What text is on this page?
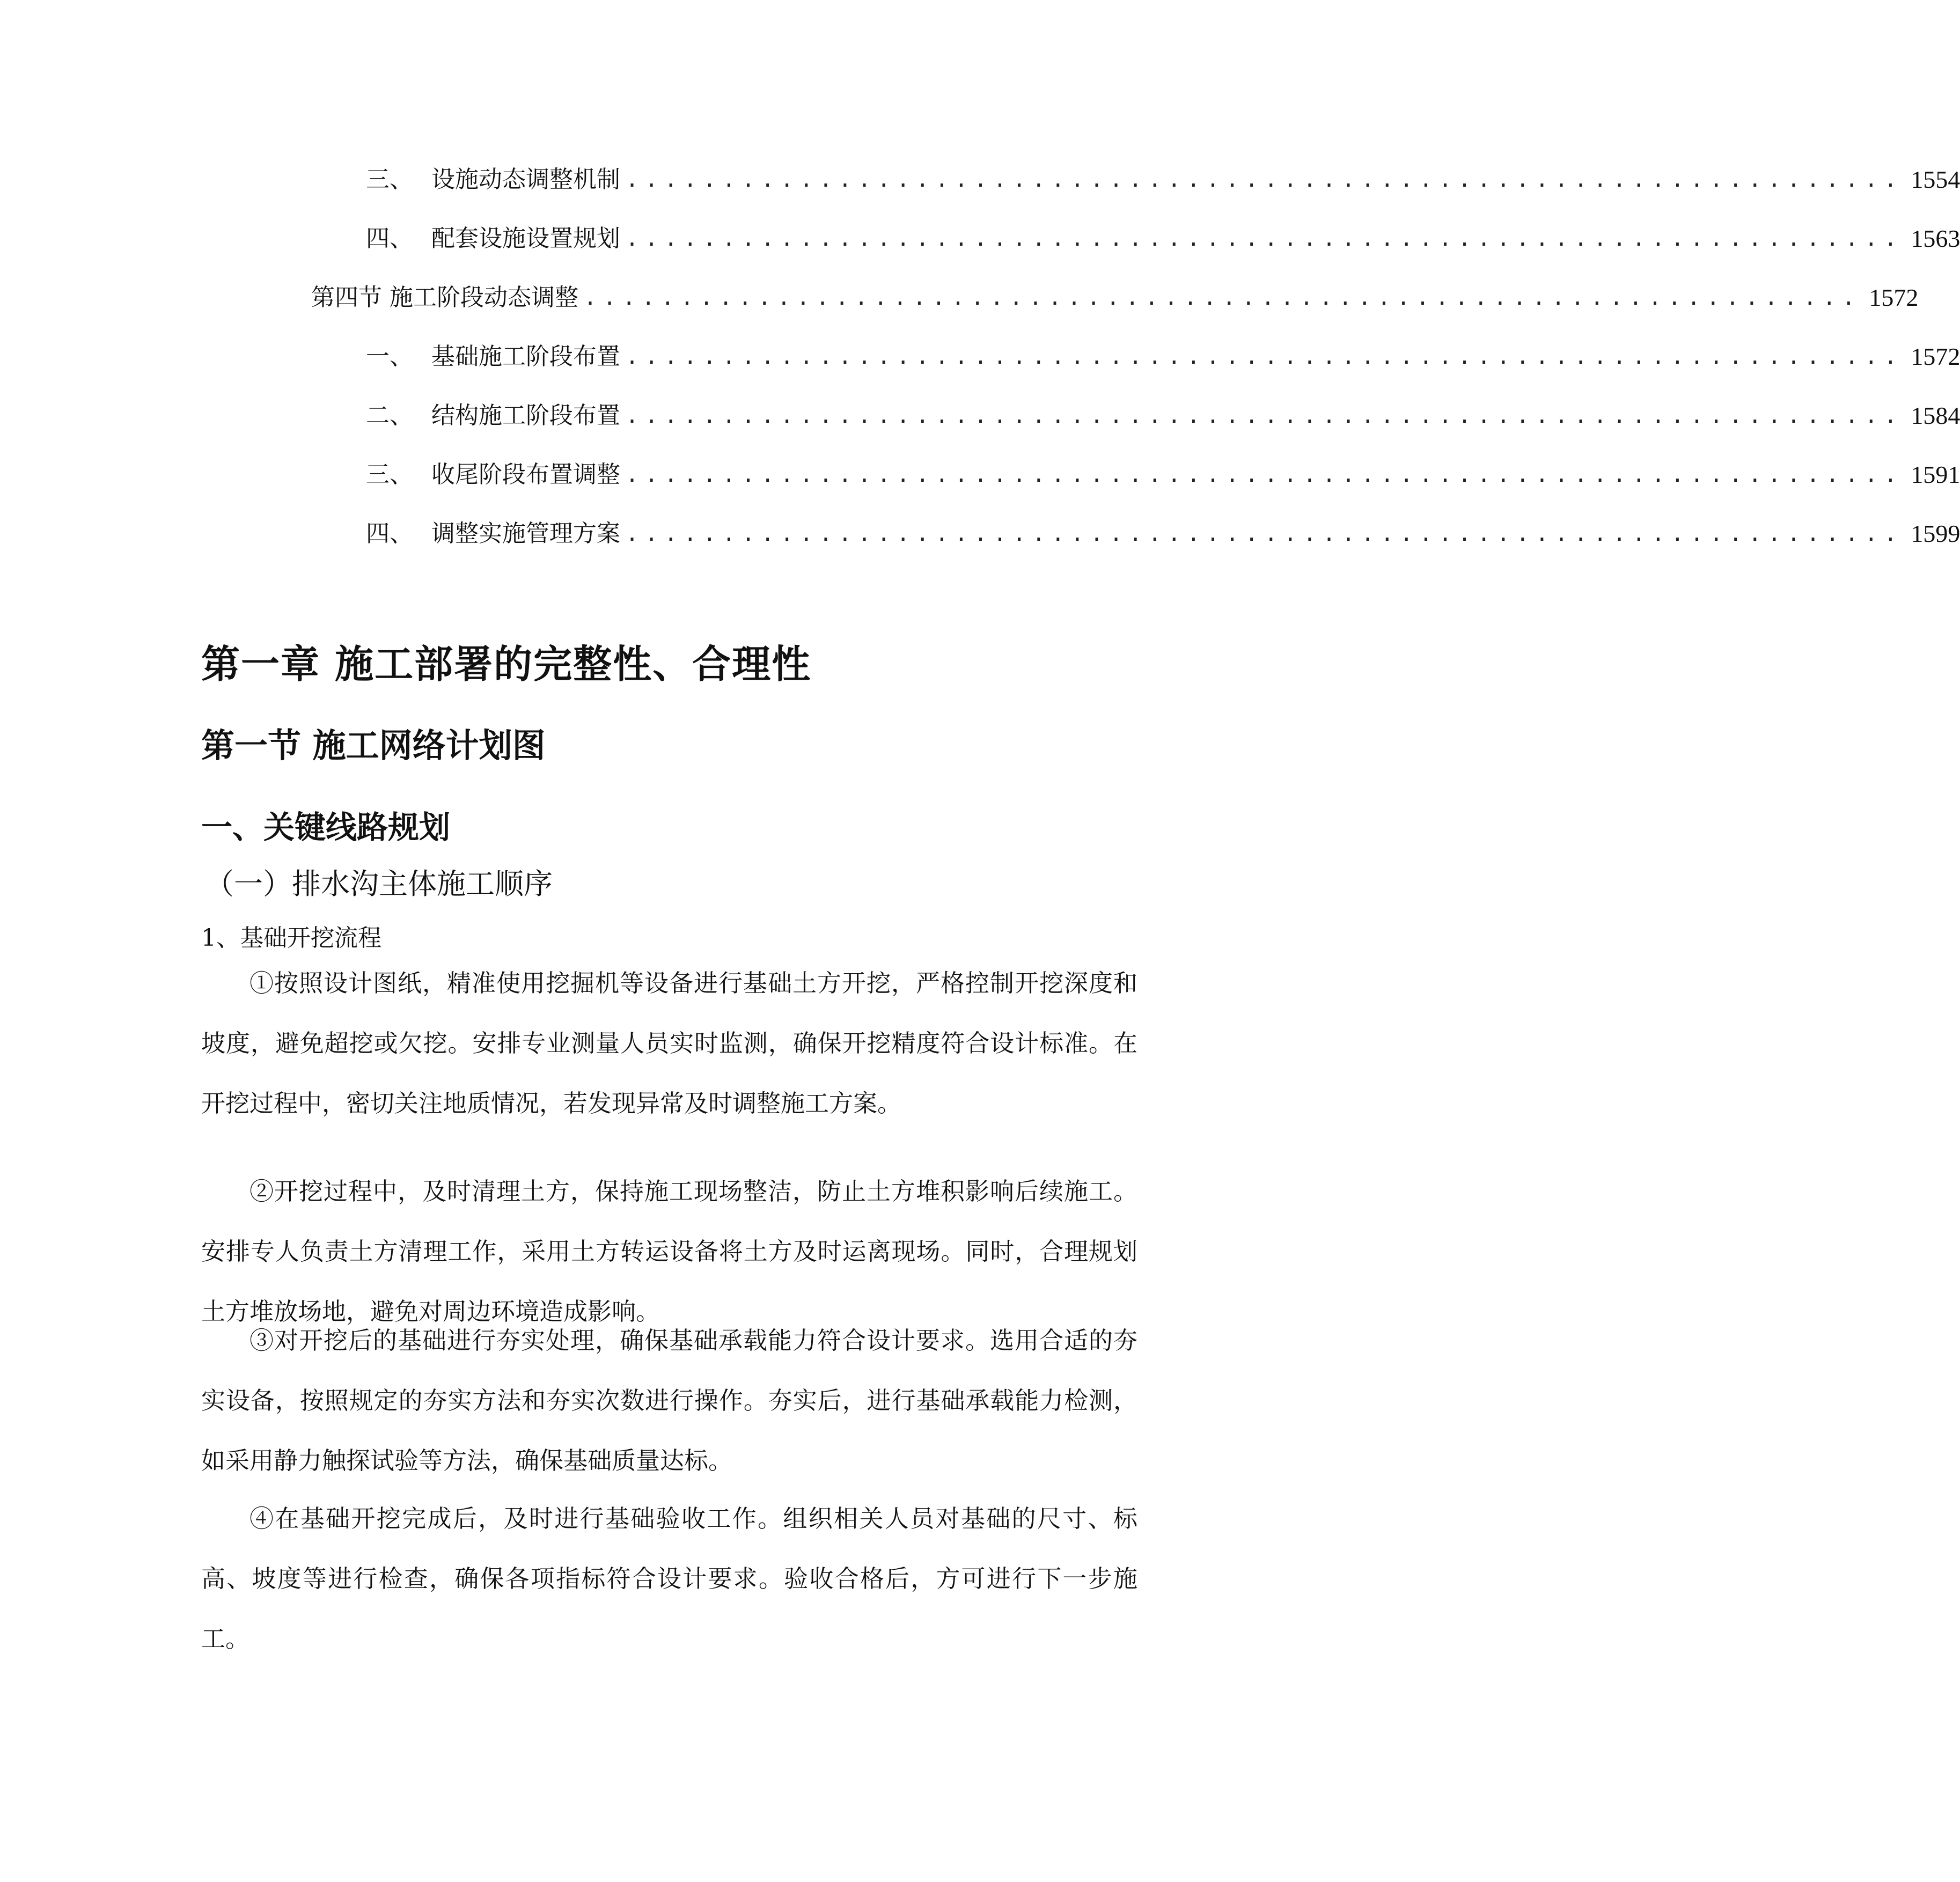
三、 设施动态调整机制 .................................................................. 1554
四、 配套设施设置规划 .................................................................. 1563
第四节 施工阶段动态调整 .................................................................. 1572
一、 基础施工阶段布置 .................................................................. 1572
二、 结构施工阶段布置 .................................................................. 1584
三、 收尾阶段布置调整 .................................................................. 1591
四、 调整实施管理方案 .................................................................. 1599
第一章 施工部署的完整性、合理性
第一节 施工网络计划图
一、关键线路规划
（一）排水沟主体施工顺序
1、基础开挖流程

①按照设计图纸，精准使用挖掘机等设备进行基础土方开挖，严格控制开挖深度和坡度，避免超挖或欠挖。安排专业测量人员实时监测，确保开挖精度符合设计标准。在开挖过程中，密切关注地质情况，若发现异常及时调整施工方案。

②开挖过程中，及时清理土方，保持施工现场整洁，防止土方堆积影响后续施工。安排专人负责土方清理工作，采用土方转运设备将土方及时运离现场。同时，合理规划土方堆放场地，避免对周边环境造成影响。

③对开挖后的基础进行夯实处理，确保基础承载能力符合设计要求。选用合适的夯实设备，按照规定的夯实方法和夯实次数进行操作。夯实后，进行基础承载能力检测，如采用静力触探试验等方法，确保基础质量达标。

④在基础开挖完成后，及时进行基础验收工作。组织相关人员对基础的尺寸、标高、坡度等进行检查，确保各项指标符合设计要求。验收合格后，方可进行下一步施工。
